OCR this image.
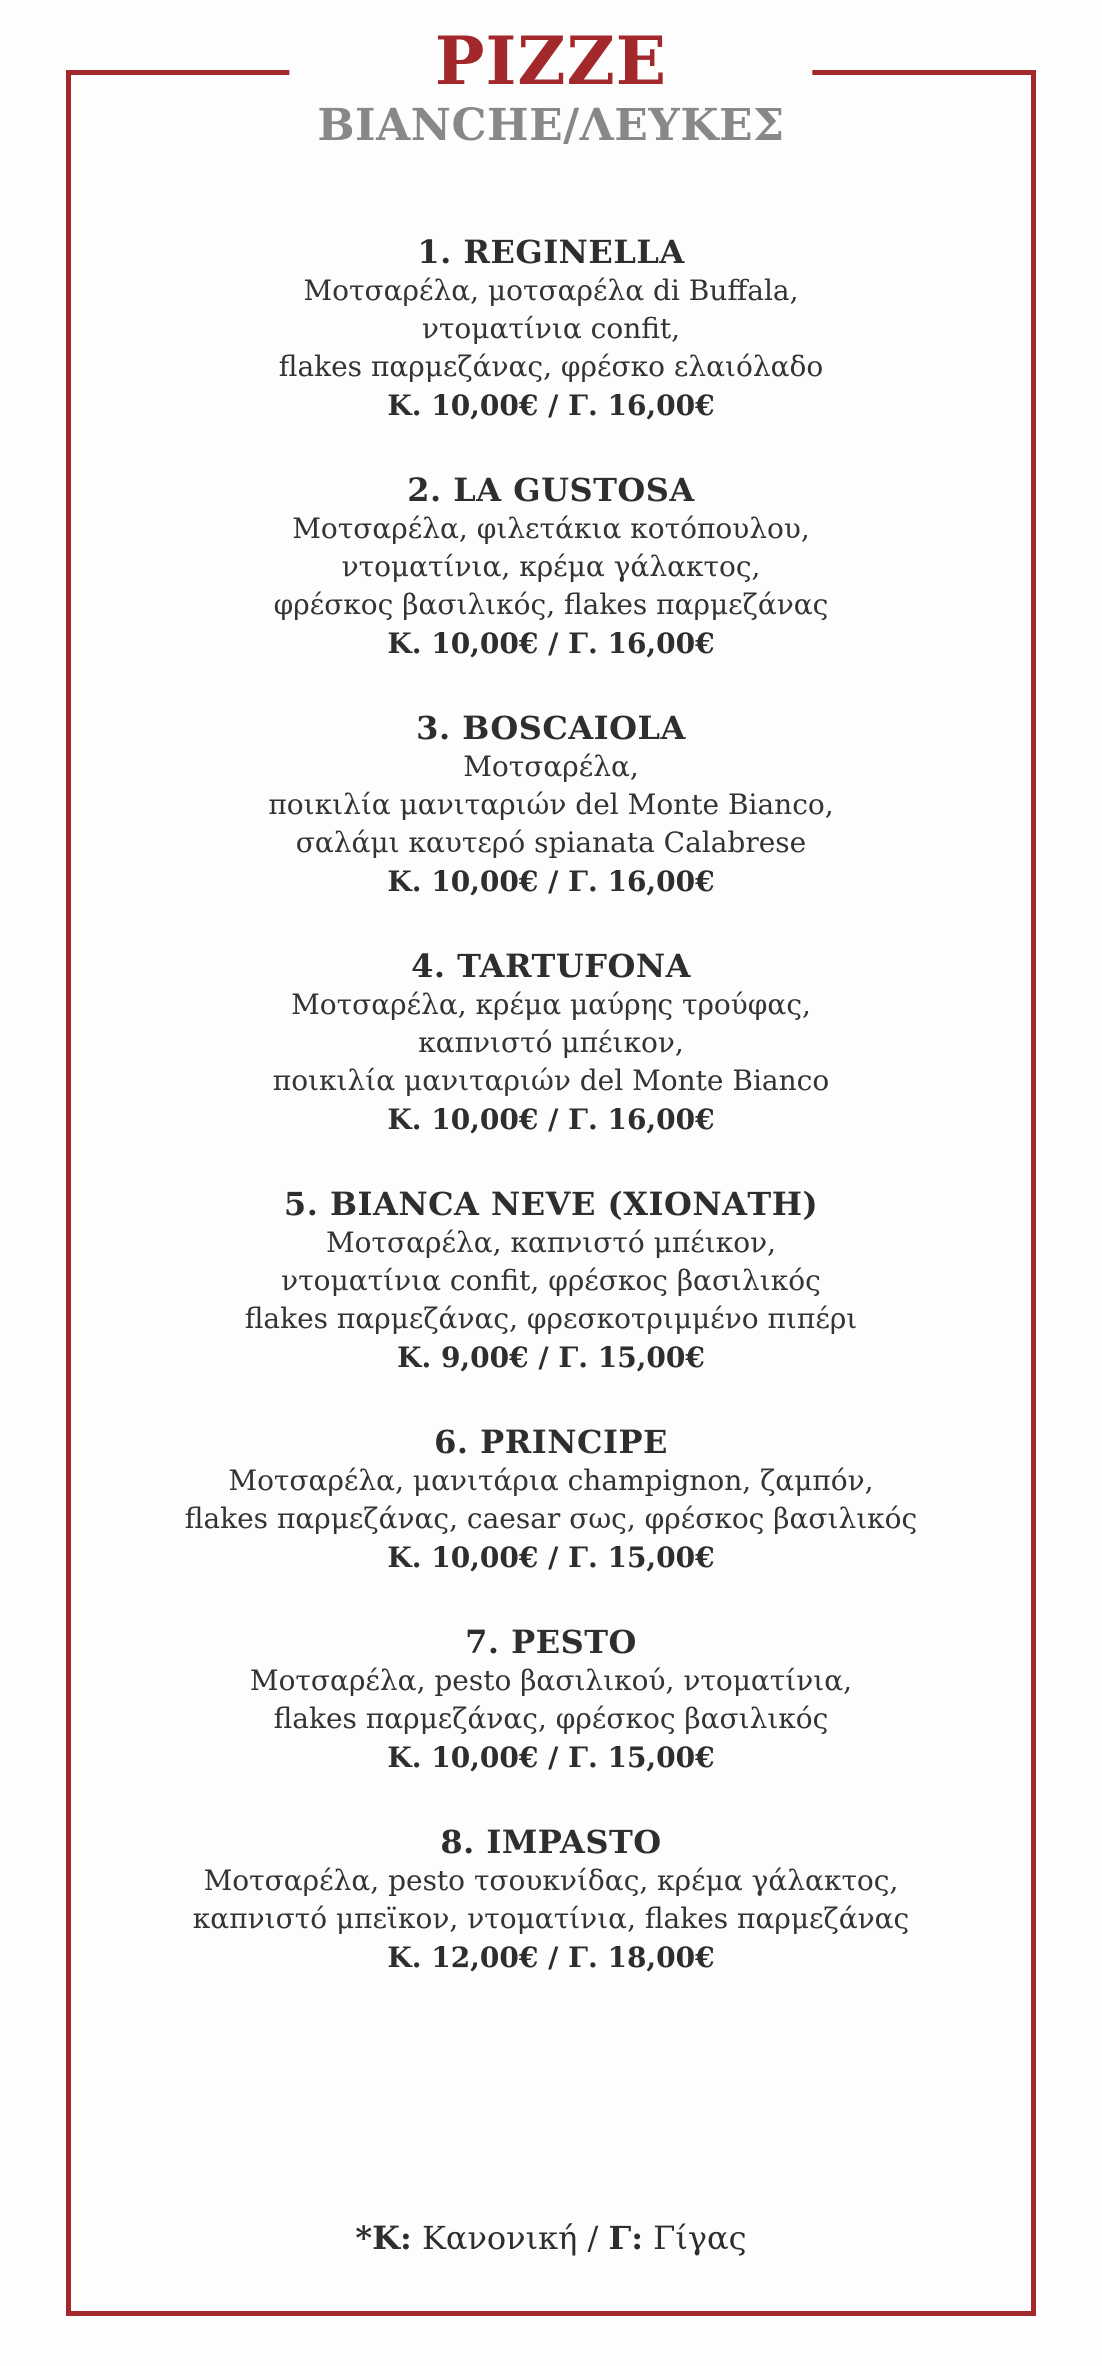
PIZZE
BIANCHE/ΛΕΥΚΕΣ
1. REGINELLA
Μοτσαρέλα, μοτσαρέλα di Buffala,
ντοματίνια confit,
flakes παρμεζάνας, φρέσκο ελαιόλαδο
Κ. 10,00€ / Γ. 16,00€
2. LA GUSTOSA
Μοτσαρέλα, φιλετάκια κοτόπουλου,
ντοματίνια, κρέμα γάλακτος,
φρέσκος βασιλικός, flakes παρμεζάνας
Κ. 10,00€ / Γ. 16,00€
3. BOSCAIOLA
Μοτσαρέλα,
ποικιλία μανιταριών del Monte Bianco,
σαλάμι καυτερό spianata Calabrese
Κ. 10,00€ / Γ. 16,00€
4. TARTUFONA
Μοτσαρέλα, κρέμα μαύρης τρούφας,
καπνιστό μπέικον,
ποικιλία μανιταριών del Monte Bianco
Κ. 10,00€ / Γ. 16,00€
5. BIANCA NEVE (ΧΙΟΝΑΤΗ)
Μοτσαρέλα, καπνιστό μπέικον,
ντοματίνια confit, φρέσκος βασιλικός
flakes παρμεζάνας, φρεσκοτριμμένο πιπέρι
Κ. 9,00€ / Γ. 15,00€
6. PRINCIPE
Μοτσαρέλα, μανιτάρια champignon, ζαμπόν,
flakes παρμεζάνας, caesar σως, φρέσκος βασιλικός
Κ. 10,00€ / Γ. 15,00€
7. PESTO
Μοτσαρέλα, pesto βασιλικού, ντοματίνια,
flakes παρμεζάνας, φρέσκος βασιλικός
Κ. 10,00€ / Γ. 15,00€
8. IMPASTO
Μοτσαρέλα, pesto τσουκνίδας, κρέμα γάλακτος,
καπνιστό μπεϊκον, ντοματίνια, flakes παρμεζάνας
Κ. 12,00€ / Γ. 18,00€
*Κ: Κανονική / Γ: Γίγας
